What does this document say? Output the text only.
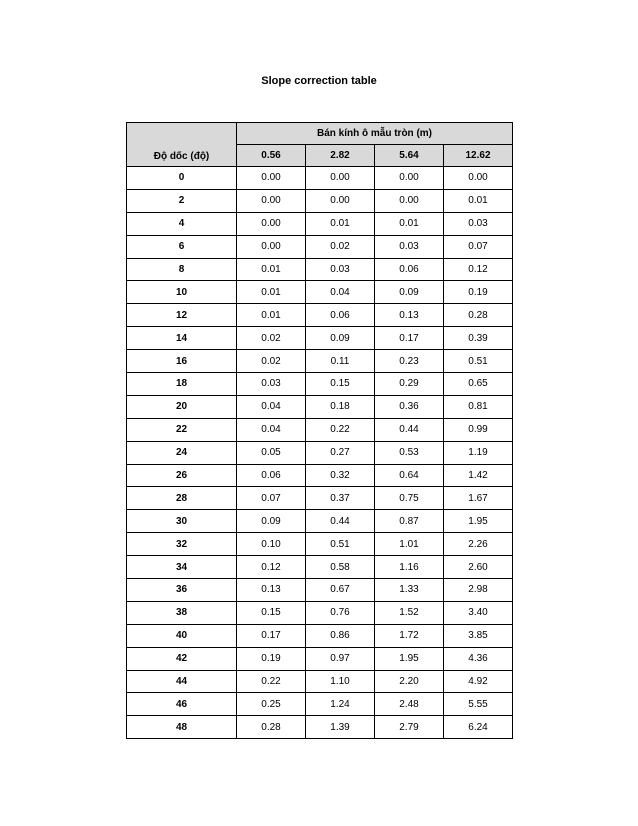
Slope correction table
Độ dốc (độ)	Bán kính ô mẫu tròn (m)			
	0.56	2.82	5.64	12.62
0	0.00	0.00	0.00	0.00
2	0.00	0.00	0.00	0.01
4	0.00	0.01	0.01	0.03
6	0.00	0.02	0.03	0.07
8	0.01	0.03	0.06	0.12
10	0.01	0.04	0.09	0.19
12	0.01	0.06	0.13	0.28
14	0.02	0.09	0.17	0.39
16	0.02	0.11	0.23	0.51
18	0.03	0.15	0.29	0.65
20	0.04	0.18	0.36	0.81
22	0.04	0.22	0.44	0.99
24	0.05	0.27	0.53	1.19
26	0.06	0.32	0.64	1.42
28	0.07	0.37	0.75	1.67
30	0.09	0.44	0.87	1.95
32	0.10	0.51	1.01	2.26
34	0.12	0.58	1.16	2.60
36	0.13	0.67	1.33	2.98
38	0.15	0.76	1.52	3.40
40	0.17	0.86	1.72	3.85
42	0.19	0.97	1.95	4.36
44	0.22	1.10	2.20	4.92
46	0.25	1.24	2.48	5.55
48	0.28	1.39	2.79	6.24
